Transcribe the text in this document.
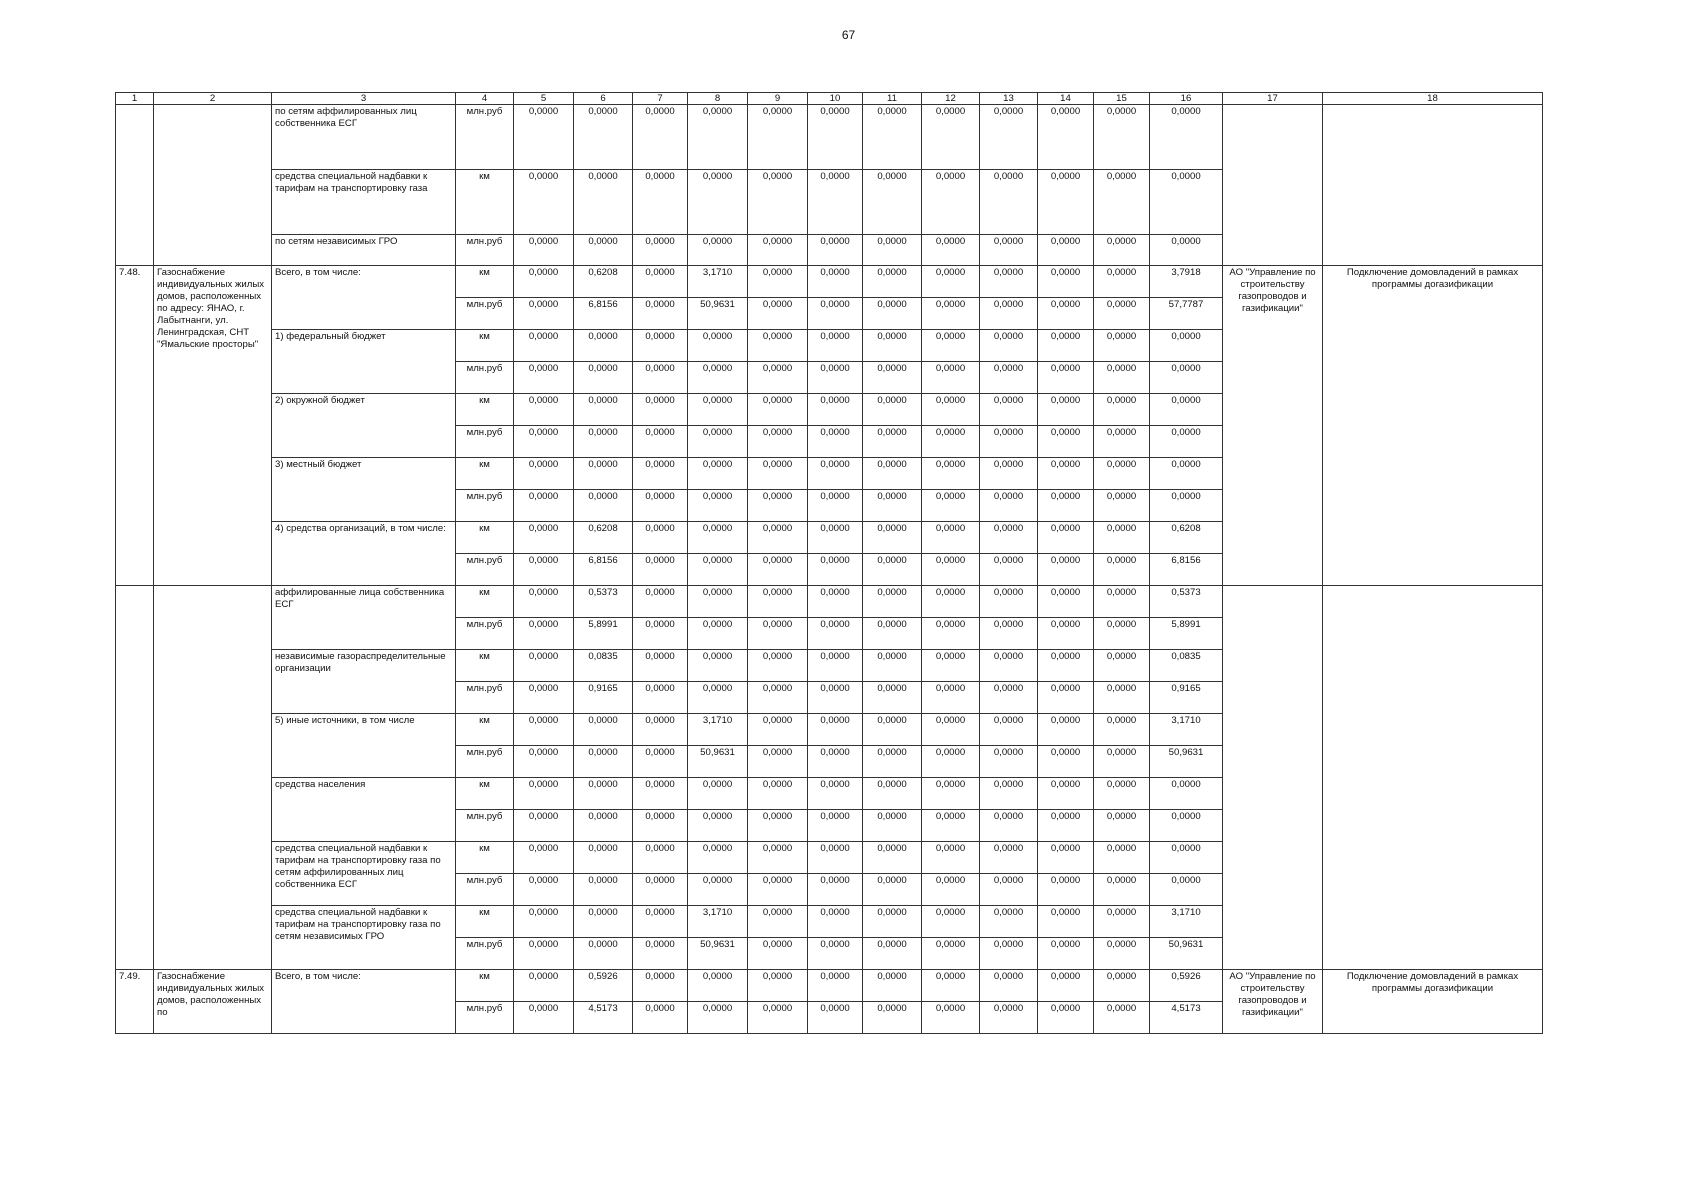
67
1	2	3	4	5	6	7	8	9	10	11	12	13	14	15	16	17	18
		по сетям аффилированных лиц собственника ЕСГ	млн.руб	0,0000	0,0000	0,0000	0,0000	0,0000	0,0000	0,0000	0,0000	0,0000	0,0000	0,0000	0,0000		
		средства специальной надбавки к тарифам на транспортировку газа	км	0,0000	0,0000	0,0000	0,0000	0,0000	0,0000	0,0000	0,0000	0,0000	0,0000	0,0000	0,0000		
		по сетям независимых ГРО	млн.руб	0,0000	0,0000	0,0000	0,0000	0,0000	0,0000	0,0000	0,0000	0,0000	0,0000	0,0000	0,0000		
7.48.	Газоснабжение индивидуальных жилых домов, расположенных по адресу: ЯНАО, г. Лабытнанги, ул. Ленинградская, СНТ "Ямальские просторы"	Всего, в том числе:	км	0,0000	0,6208	0,0000	3,1710	0,0000	0,0000	0,0000	0,0000	0,0000	0,0000	0,0000	3,7918	АО "Управление по строительству газопроводов и газификации"	Подключение домовладений в рамках программы догазификации
			млн.руб	0,0000	6,8156	0,0000	50,9631	0,0000	0,0000	0,0000	0,0000	0,0000	0,0000	0,0000	57,7787		
		1) федеральный бюджет	км	0,0000	0,0000	0,0000	0,0000	0,0000	0,0000	0,0000	0,0000	0,0000	0,0000	0,0000	0,0000		
			млн.руб	0,0000	0,0000	0,0000	0,0000	0,0000	0,0000	0,0000	0,0000	0,0000	0,0000	0,0000	0,0000		
		2) окружной бюджет	км	0,0000	0,0000	0,0000	0,0000	0,0000	0,0000	0,0000	0,0000	0,0000	0,0000	0,0000	0,0000		
			млн.руб	0,0000	0,0000	0,0000	0,0000	0,0000	0,0000	0,0000	0,0000	0,0000	0,0000	0,0000	0,0000		
		3) местный бюджет	км	0,0000	0,0000	0,0000	0,0000	0,0000	0,0000	0,0000	0,0000	0,0000	0,0000	0,0000	0,0000		
			млн.руб	0,0000	0,0000	0,0000	0,0000	0,0000	0,0000	0,0000	0,0000	0,0000	0,0000	0,0000	0,0000		
		4) средства организаций, в том числе:	км	0,0000	0,6208	0,0000	0,0000	0,0000	0,0000	0,0000	0,0000	0,0000	0,0000	0,0000	0,6208		
			млн.руб	0,0000	6,8156	0,0000	0,0000	0,0000	0,0000	0,0000	0,0000	0,0000	0,0000	0,0000	6,8156		
		аффилированные лица собственника ЕСГ	км	0,0000	0,5373	0,0000	0,0000	0,0000	0,0000	0,0000	0,0000	0,0000	0,0000	0,0000	0,5373		
			млн.руб	0,0000	5,8991	0,0000	0,0000	0,0000	0,0000	0,0000	0,0000	0,0000	0,0000	0,0000	5,8991		
		независимые газораспределительные организации	км	0,0000	0,0835	0,0000	0,0000	0,0000	0,0000	0,0000	0,0000	0,0000	0,0000	0,0000	0,0835		
			млн.руб	0,0000	0,9165	0,0000	0,0000	0,0000	0,0000	0,0000	0,0000	0,0000	0,0000	0,0000	0,9165		
		5) иные источники, в том числе	км	0,0000	0,0000	0,0000	3,1710	0,0000	0,0000	0,0000	0,0000	0,0000	0,0000	0,0000	3,1710		
			млн.руб	0,0000	0,0000	0,0000	50,9631	0,0000	0,0000	0,0000	0,0000	0,0000	0,0000	0,0000	50,9631		
		средства населения	км	0,0000	0,0000	0,0000	0,0000	0,0000	0,0000	0,0000	0,0000	0,0000	0,0000	0,0000	0,0000		
			млн.руб	0,0000	0,0000	0,0000	0,0000	0,0000	0,0000	0,0000	0,0000	0,0000	0,0000	0,0000	0,0000		
		средства специальной надбавки к тарифам на транспортировку газа по сетям аффилированных лиц собственника ЕСГ	км	0,0000	0,0000	0,0000	0,0000	0,0000	0,0000	0,0000	0,0000	0,0000	0,0000	0,0000	0,0000		
			млн.руб	0,0000	0,0000	0,0000	0,0000	0,0000	0,0000	0,0000	0,0000	0,0000	0,0000	0,0000	0,0000		
		средства специальной надбавки к тарифам на транспортировку газа по сетям независимых ГРО	км	0,0000	0,0000	0,0000	3,1710	0,0000	0,0000	0,0000	0,0000	0,0000	0,0000	0,0000	3,1710		
			млн.руб	0,0000	0,0000	0,0000	50,9631	0,0000	0,0000	0,0000	0,0000	0,0000	0,0000	0,0000	50,9631		
7.49.	Газоснабжение индивидуальных жилых домов, расположенных по	Всего, в том числе:	км	0,0000	0,5926	0,0000	0,0000	0,0000	0,0000	0,0000	0,0000	0,0000	0,0000	0,0000	0,5926	АО "Управление по строительству газопроводов и газификации"	Подключение домовладений в рамках программы догазификации
			млн.руб	0,0000	4,5173	0,0000	0,0000	0,0000	0,0000	0,0000	0,0000	0,0000	0,0000	0,0000	4,5173		
